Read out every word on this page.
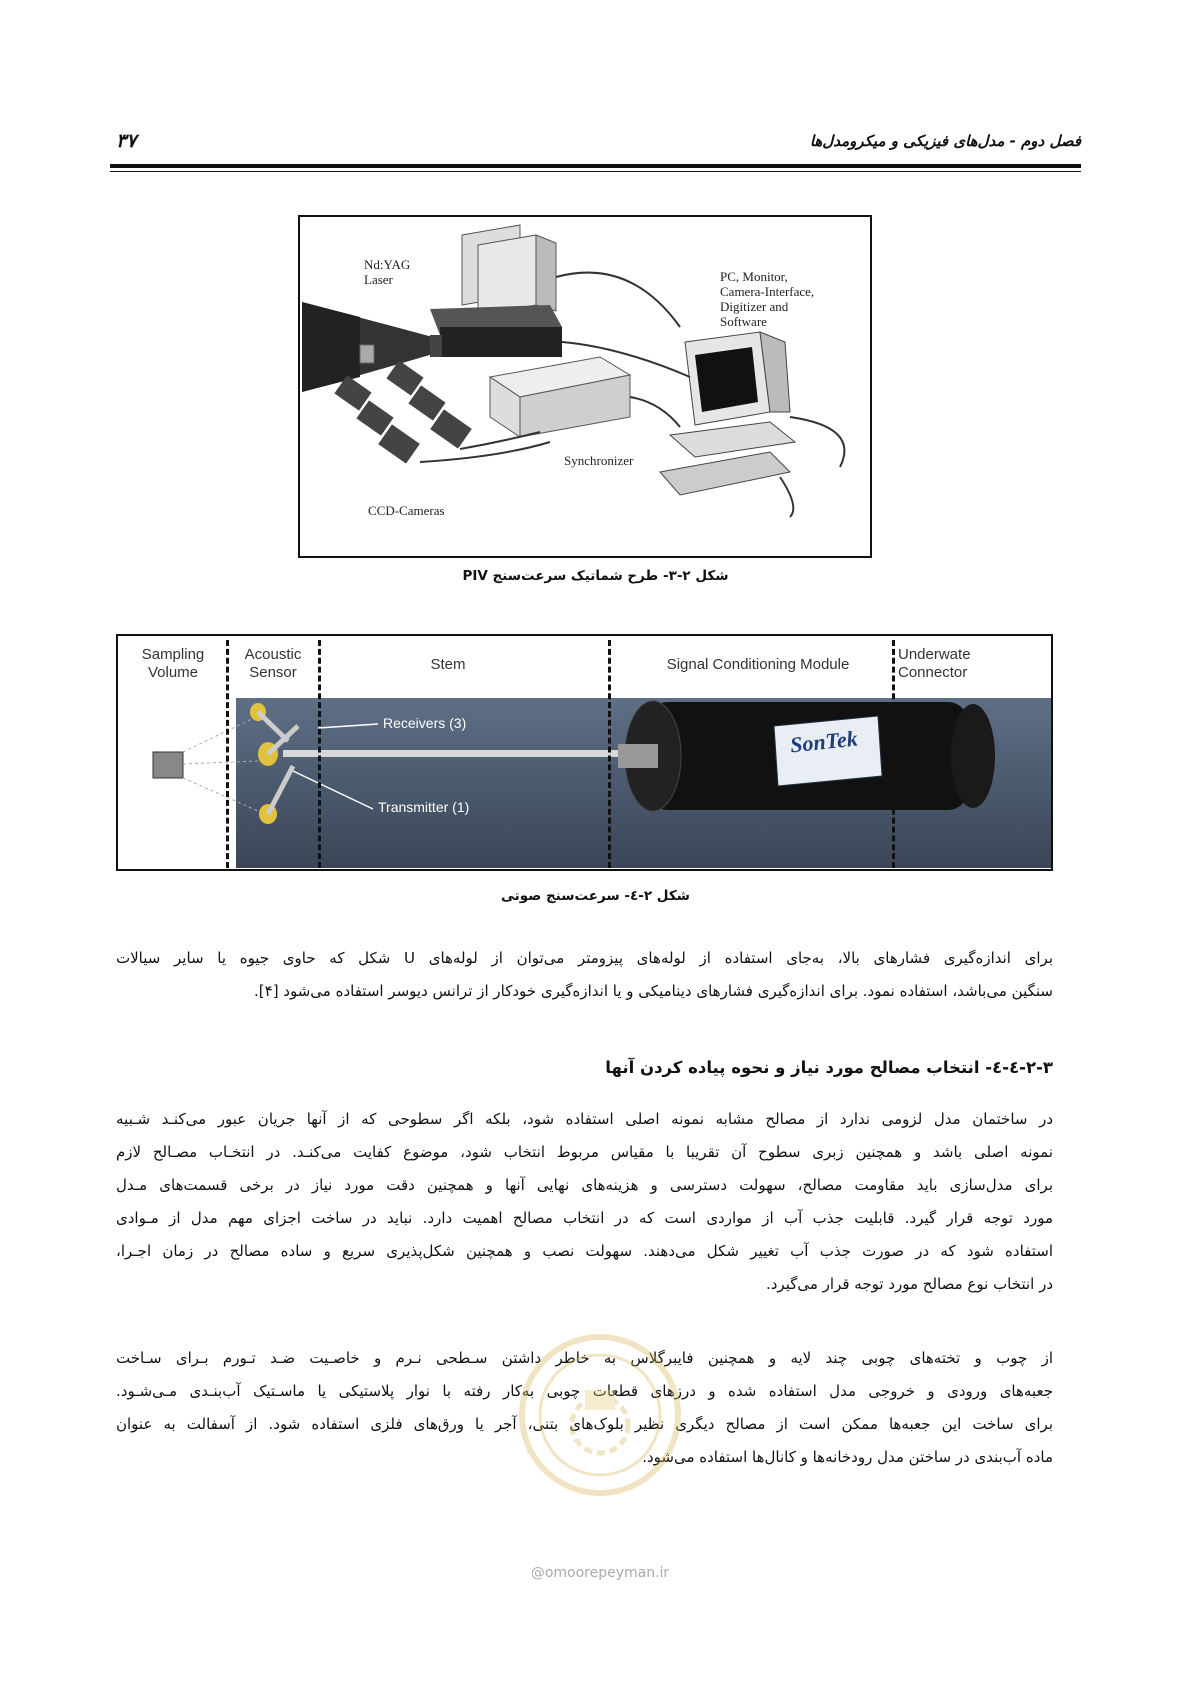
فصل دوم - مدل‌های فیزیکی و میکرومدل‌ها
۳۷
Nd:YAG
Laser	PC, Monitor,
Camera-Interface,
Digitizer and
Software
Synchronizer
CCD-Cameras
شکل ۲-۳- طرح شماتیک سرعت‌سنج PIV
Sampling
Volume
Acoustic
Sensor	Stem	Signal Conditioning Module
Underwate
Connector
Receivers (3)
Transmitter (1)
SonTek
شکل ۲-٤- سرعت‌سنج صوتی
برای اندازه‌گیری فشارهای بالا، به‌جای استفاده از لوله‌های پیزومتر می‌توان از لوله‌های U شکل که حاوی جیوه یا سایر سیالات
سنگین می‌باشد، استفاده نمود. برای اندازه‌گیری فشارهای دینامیکی و یا اندازه‌گیری خودکار از ترانس دیوسر استفاده می‌شود [۴].
۲-۳-٤-٤- انتخاب مصالح مورد نیاز و نحوه پیاده کردن آنها
در ساختمان مدل لزومی ندارد از مصالح مشابه نمونه اصلی استفاده شود، بلکه اگر سطوحی که از آنها جریان عبور می‌کنـد شـبیه
نمونه اصلی باشد و همچنین زبری سطوح آن تقریبا با مقیاس مربوط انتخاب شود، موضوع کفایت می‌کنـد. در انتخـاب مصـالح لازم
برای مدل‌سازی باید مقاومت مصالح، سهولت دسترسی و هزینه‌های نهایی آنها و همچنین دقت مورد نیاز در برخی قسمت‌های مـدل
مورد توجه قرار گیرد. قابلیت جذب آب از مواردی است که در انتخاب مصالح اهمیت دارد. نباید در ساخت اجزای مهم مدل از مـوادی
استفاده شود که در صورت جذب آب تغییر شکل می‌دهند. سهولت نصب و همچنین شکل‌پذیری سریع و ساده مصالح در زمان اجـرا،
در انتخاب نوع مصالح مورد توجه قرار می‌گیرد.
از چوب و تخته‌های چوبی چند لایه و همچنین فایبرگلاس به خاطر داشتن سـطحی نـرم و خاصـیت ضـد تـورم بـرای سـاخت
جعبه‌های ورودی و خروجی مدل استفاده شده و درزهای قطعات چوبی به‌کار رفته با نوار پلاستیکی یا ماسـتیک آب‌بنـدی مـی‌شـود.
برای ساخت این جعبه‌ها ممکن است از مصالح دیگری نظیر بلوک‌های بتنی، آجر یا ورق‌های فلزی استفاده شود. از آسفالت به عنوان
ماده آب‌بندی در ساختن مدل رودخانه‌ها و کانال‌ها استفاده می‌شود.
@omoorepeyman.ir
